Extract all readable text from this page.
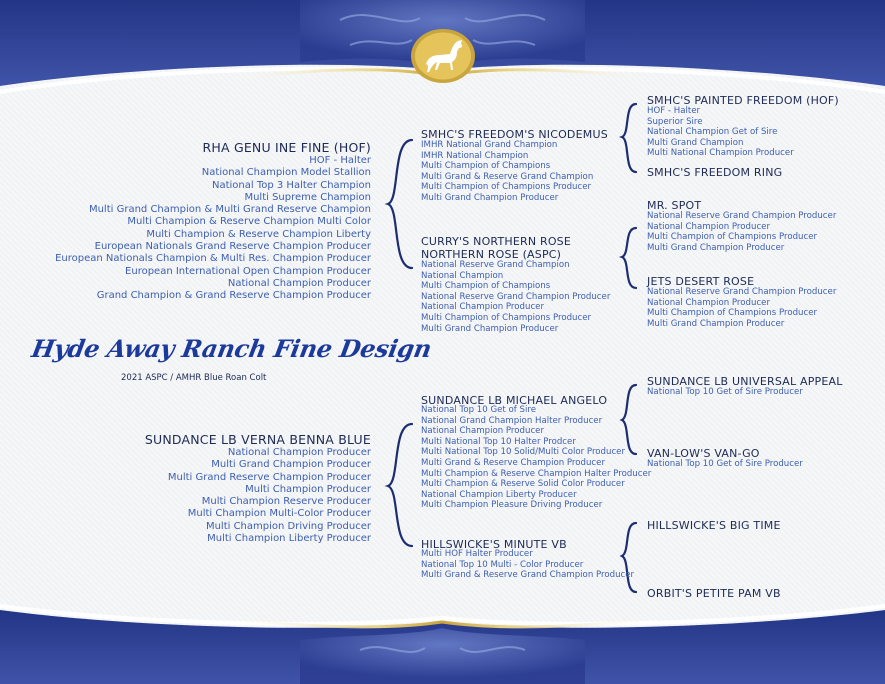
RHA GENU INE FINE (HOF)
HOF - Halter
National Champion Model Stallion
National Top 3 Halter Champion
Multi Supreme Champion
Multi Grand Champion & Multi Grand Reserve Champion
Multi Champion & Reserve Champion Multi Color
Multi Champion & Reserve Champion Liberty
European Nationals Grand Reserve Champion Producer
European Nationals Champion & Multi Res. Champion Producer
European International Open Champion Producer
National Champion Producer
Grand Champion & Grand Reserve Champion Producer
Hyde Away Ranch Fine Design
2021 ASPC / AMHR Blue Roan Colt
SUNDANCE LB VERNA BENNA BLUE
National Champion Producer
Multi Grand Champion Producer
Multi Grand Reserve Champion Producer
Multi Champion Producer
Multi Champion Reserve Producer
Multi Champion Multi-Color Producer
Multi Champion Driving Producer
Multi Champion Liberty Producer
SMHC'S FREEDOM'S NICODEMUS
IMHR National Grand Champion
IMHR National Champion
Multi Champion of Champions
Multi Grand & Reserve Grand Champion
Multi Champion of Champions Producer
Multi Grand Champion Producer
CURRY'S NORTHERN ROSE
NORTHERN ROSE (ASPC)
National Reserve Grand Champion
National Champion
Multi Champion of Champions
National Reserve Grand Champion Producer
National Champion Producer
Multi Champion of Champions Producer
Multi Grand Champion Producer
SUNDANCE LB MICHAEL ANGELO
National Top 10 Get of Sire
National Grand Champion Halter Producer
National Champion Producer
Multi National Top 10 Halter Prodcer
Multi National Top 10 Solid/Multi Color Producer
Multi Grand & Reserve Champion Producer
Multi Champion & Reserve Champion Halter Producer
Multi Champion & Reserve Solid Color Producer
National Champion Liberty Producer
Multi Champion Pleasure Driving Producer
HILLSWICKE'S MINUTE VB
Multi HOF Halter Producer
National Top 10 Multi - Color Producer
Multi Grand & Reserve Grand Champion Producer
SMHC'S PAINTED FREEDOM (HOF)
HOF - Halter
Superior Sire
National Champion Get of Sire
Multi Grand Champion
Multi National Champion Producer
SMHC'S FREEDOM RING
MR. SPOT
National Reserve Grand Champion Producer
National Champion Producer
Multi Champion of Champions Producer
Multi Grand Champion Producer
JETS DESERT ROSE
National Reserve Grand Champion Producer
National Champion Producer
Multi Champion of Champions Producer
Multi Grand Champion Producer
SUNDANCE LB UNIVERSAL APPEAL
National Top 10 Get of Sire Producer
VAN-LOW'S VAN-GO
National Top 10 Get of Sire Producer
HILLSWICKE'S BIG TIME
ORBIT'S PETITE PAM VB
